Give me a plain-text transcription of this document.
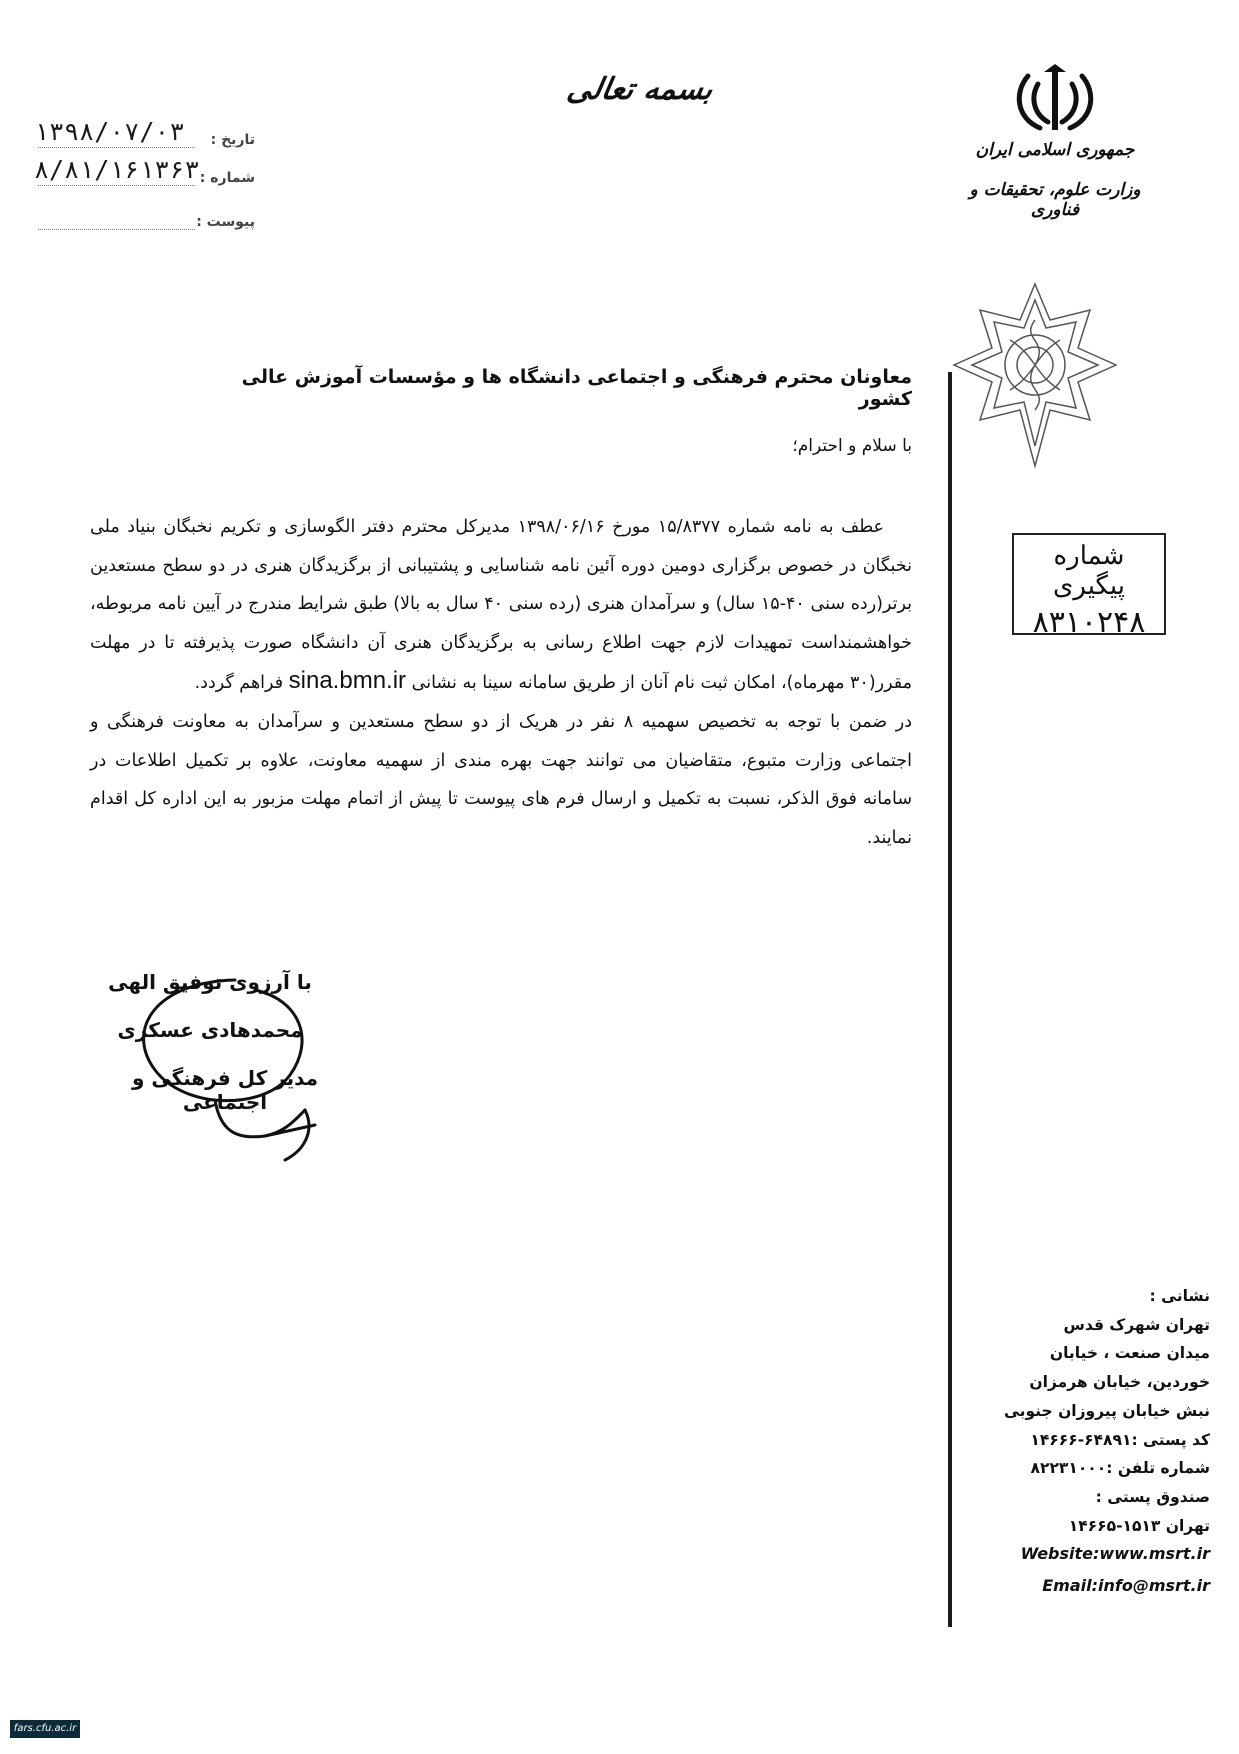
بسمه تعالی
جمهوری اسلامی ایران
وزارت علوم، تحقیقات و فناوری
تاریخ :
۱۳۹۸/۰۷/۰۳
شماره :
۸/۸۱/۱۶۱۳۶۳
پیوست :
شماره پیگیری
۸۳۱۰۲۴۸
معاونان محترم فرهنگی و اجتماعی دانشگاه ها و مؤسسات آموزش عالی کشور
با سلام و احترام؛

عطف به نامه شماره ۱۵/۸۳۷۷ مورخ ۱۳۹۸/۰۶/۱۶ مدیرکل محترم دفتر الگوسازی و تکریم نخبگان بنیاد ملی نخبگان در خصوص برگزاری دومین دوره آئین نامه شناسایی و پشتیبانی از برگزیدگان هنری در دو سطح مستعدین برتر(رده سنی ۴۰-۱۵ سال) و سرآمدان هنری (رده سنی ۴۰ سال به بالا) طبق شرایط مندرج در آیین نامه مربوطه، خواهشمنداست تمهیدات لازم جهت اطلاع رسانی به برگزیدگان هنری آن دانشگاه صورت پذیرفته تا در مهلت مقرر(۳۰ مهرماه)، امکان ثبت نام آنان از طریق سامانه سینا به نشانی sina.bmn.ir فراهم گردد.

در ضمن با توجه به تخصیص سهمیه ۸ نفر در هریک از دو سطح مستعدین و سرآمدان به معاونت فرهنگی و اجتماعی وزارت متبوع، متقاضیان می توانند جهت بهره مندی از سهمیه معاونت، علاوه بر تکمیل اطلاعات در سامانه فوق الذکر، نسبت به تکمیل و ارسال فرم های پیوست تا پیش از اتمام مهلت مزبور به این اداره کل اقدام نمایند.

با آرزوی توفیق الهی
محمدهادی عسکری
مدیر کل فرهنگی و اجتماعی
نشانی :
تهران شهرک قدس
میدان صنعت ، خیابان
خوردین، خیابان هرمزان
نبش خیابان پیروزان جنوبی
کد پستی :۶۴۸۹۱-۱۴۶۶۶
شماره تلفن :۸۲۲۳۱۰۰۰
صندوق پستی :
تهران ۱۵۱۳-۱۴۶۶۵
Website:www.msrt.ir
Email:info@msrt.ir
fars.cfu.ac.ir
